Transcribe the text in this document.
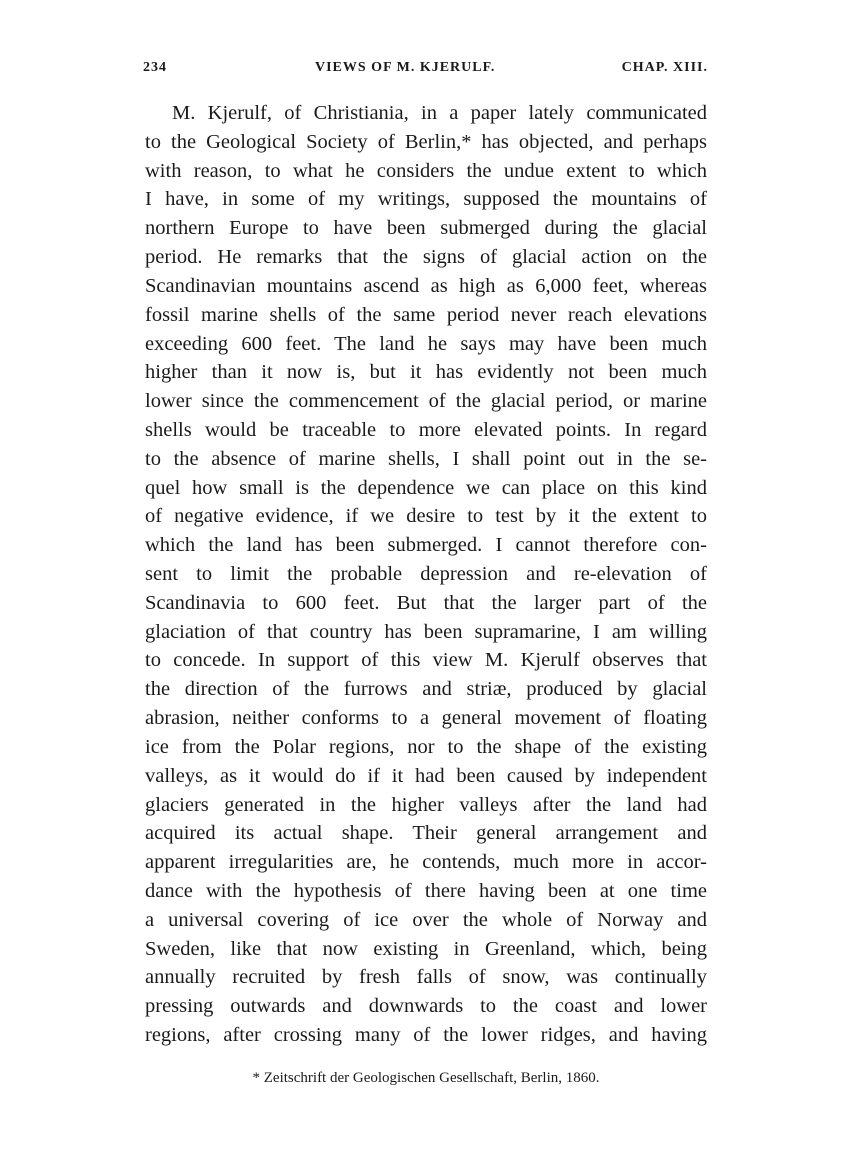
234	VIEWS OF M. KJERULF.	CHAP. XIII.
M. Kjerulf, of Christiania, in a paper lately communicated
to the Geological Society of Berlin,* has objected, and perhaps
with reason, to what he considers the undue extent to which
I have, in some of my writings, supposed the mountains of
northern Europe to have been submerged during the glacial
period. He remarks that the signs of glacial action on the
Scandinavian mountains ascend as high as 6,000 feet, whereas
fossil marine shells of the same period never reach elevations
exceeding 600 feet. The land he says may have been much
higher than it now is, but it has evidently not been much
lower since the commencement of the glacial period, or marine
shells would be traceable to more elevated points. In regard
to the absence of marine shells, I shall point out in the se-
quel how small is the dependence we can place on this kind
of negative evidence, if we desire to test by it the extent to
which the land has been submerged. I cannot therefore con-
sent to limit the probable depression and re-elevation of
Scandinavia to 600 feet. But that the larger part of the
glaciation of that country has been supramarine, I am willing
to concede. In support of this view M. Kjerulf observes that
the direction of the furrows and striæ, produced by glacial
abrasion, neither conforms to a general movement of floating
ice from the Polar regions, nor to the shape of the existing
valleys, as it would do if it had been caused by independent
glaciers generated in the higher valleys after the land had
acquired its actual shape. Their general arrangement and
apparent irregularities are, he contends, much more in accor-
dance with the hypothesis of there having been at one time
a universal covering of ice over the whole of Norway and
Sweden, like that now existing in Greenland, which, being
annually recruited by fresh falls of snow, was continually
pressing outwards and downwards to the coast and lower
regions, after crossing many of the lower ridges, and having
* Zeitschrift der Geologischen Gesellschaft, Berlin, 1860.
